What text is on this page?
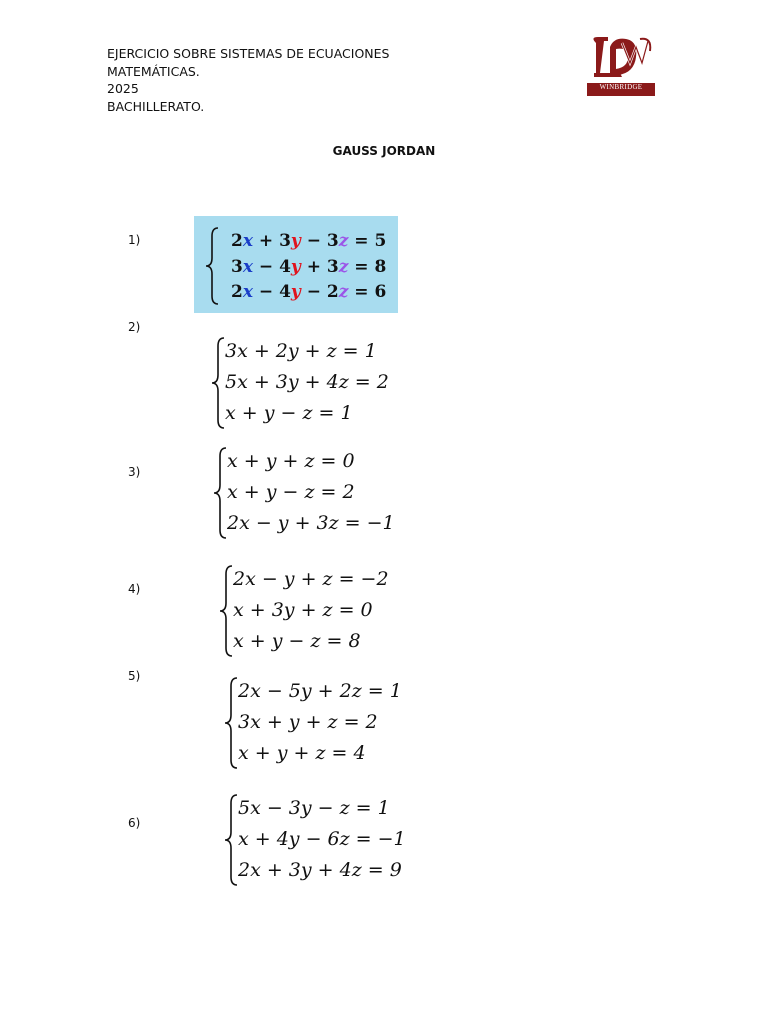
EJERCICIO SOBRE SISTEMAS DE ECUACIONES
MATEMÁTICAS.
2025
BACHILLERATO.
WINBRIDGE
GAUSS JORDAN
1)	2x + 3y − 3z = 5
3x − 4y + 3z = 8
2x − 4y − 2z = 6
2)
3x + 2y + z = 1
5x + 3y + 4z = 2
x + y − z = 1
3)	x + y + z = 0
x + y − z = 2
2x − y + 3z = −1
4)	2x − y + z = −2
x + 3y + z = 0
x + y − z = 8
5)
2x − 5y + 2z = 1
3x + y + z = 2
x + y + z = 4
6)
5x − 3y − z = 1
x + 4y − 6z = −1
2x + 3y + 4z = 9
